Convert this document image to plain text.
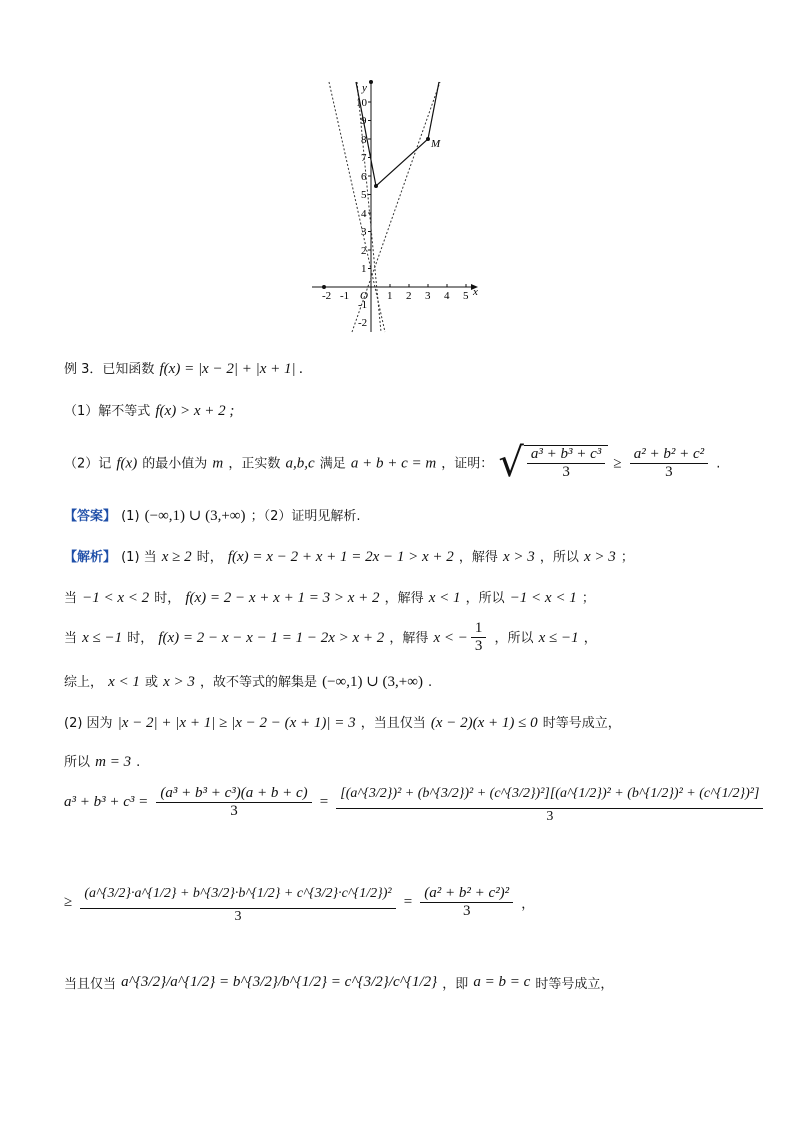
1
2
3
4
5
6
7
8
9
10
y
-1
-2
-2 -1 O 1 2 3 4 5 x
M
例 3．已知函数 f(x) = |x − 2| + |x + 1| .
（1）解不等式 f(x) > x + 2 ;
（2）记 f(x) 的最小值为 m ，正实数 a,b,c 满足 a + b + c = m ，证明： √ $\frac{\text{a³ + b³ + c³}}{3} \ge \frac{\text{a² + b² + c²}}{3}$ .
【答案】 (1) (−∞,1) ∪ (3,+∞) ；（2）证明见解析.
【解析】 (1) 当 x ≥ 2 时， f(x) = x − 2 + x + 1 = 2x − 1 > x + 2 ，解得 x > 3 ，所以 x > 3 ；
当 −1 < x < 2 时， f(x) = 2 − x + x + 1 = 3 > x + 2 ，解得 x < 1 ，所以 −1 < x < 1 ；
当 x ≤ −1 时， f(x) = 2 − x − x − 1 = 1 − 2x > x + 2 ，解得 x < − $\frac{1}{3}$ ，所以 x ≤ −1 ，
综上， x < 1 或 x > 3 ，故不等式的解集是 (−∞,1) ∪ (3,+∞) .
(2) 因为 |x − 2| + |x + 1| ≥ |x − 2 − (x + 1)| = 3 ，当且仅当 (x − 2)(x + 1) ≤ 0 时等号成立，
所以 m = 3 .
$a^3 + b^3 + c^3 = \frac{\text{(a³ + b³ + c³)(a + b + c)}}{3}$ =
[(a^{3/2})² + (b^{3/2})² + (c^{3/2})²][(a^{1/2})² + (b^{1/2})² + (c^{1/2})²]
3
≥ $\frac{\text{(a\textasciicircum{}\{3/2\}·a\textasciicircum{}\{1/2\} + b\textasciicircum{}\{3/2\}·b\textasciicircum{}\{1/2\} + c\textasciicircum{}\{3/2\}·c\textasciicircum{}\{1/2\})²}}{3} = \frac{\text{(a² + b² + c²)²}}{3}$ ，
当且仅当 a^{3/2}/a^{1/2} = b^{3/2}/b^{1/2} = c^{3/2}/c^{1/2} ，即 a = b = c 时等号成立，
